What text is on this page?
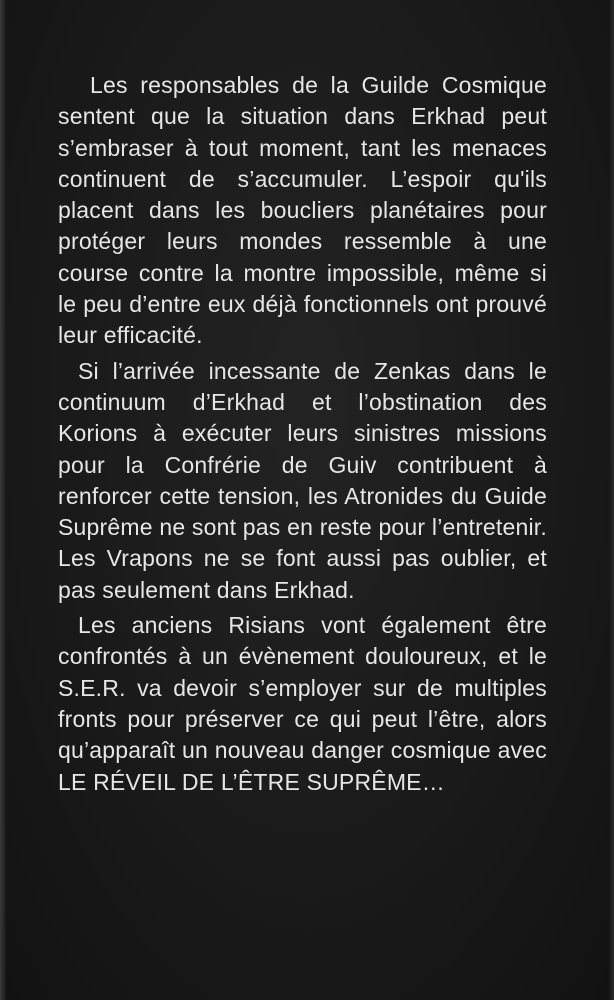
Les responsables de la Guilde Cosmique sentent que la situation dans Erkhad peut s’embraser à tout moment, tant les menaces continuent de s’accumuler. L’espoir qu'ils placent dans les boucliers planétaires pour protéger leurs mondes ressemble à une course contre la montre impossible, même si le peu d’entre eux déjà fonctionnels ont prouvé leur efficacité.

Si l’arrivée incessante de Zenkas dans le continuum d’Erkhad et l’obstination des Korions à exécuter leurs sinistres missions pour la Confrérie de Guiv contribuent à renforcer cette tension, les Atronides du Guide Suprême ne sont pas en reste pour l’entretenir. Les Vrapons ne se font aussi pas oublier, et pas seulement dans Erkhad.

Les anciens Risians vont également être confrontés à un évènement douloureux, et le S.E.R. va devoir s’employer sur de multiples fronts pour préserver ce qui peut l’être, alors qu’apparaît un nouveau danger cosmique avec LE RÉVEIL DE L’ÊTRE SUPRÊME…
